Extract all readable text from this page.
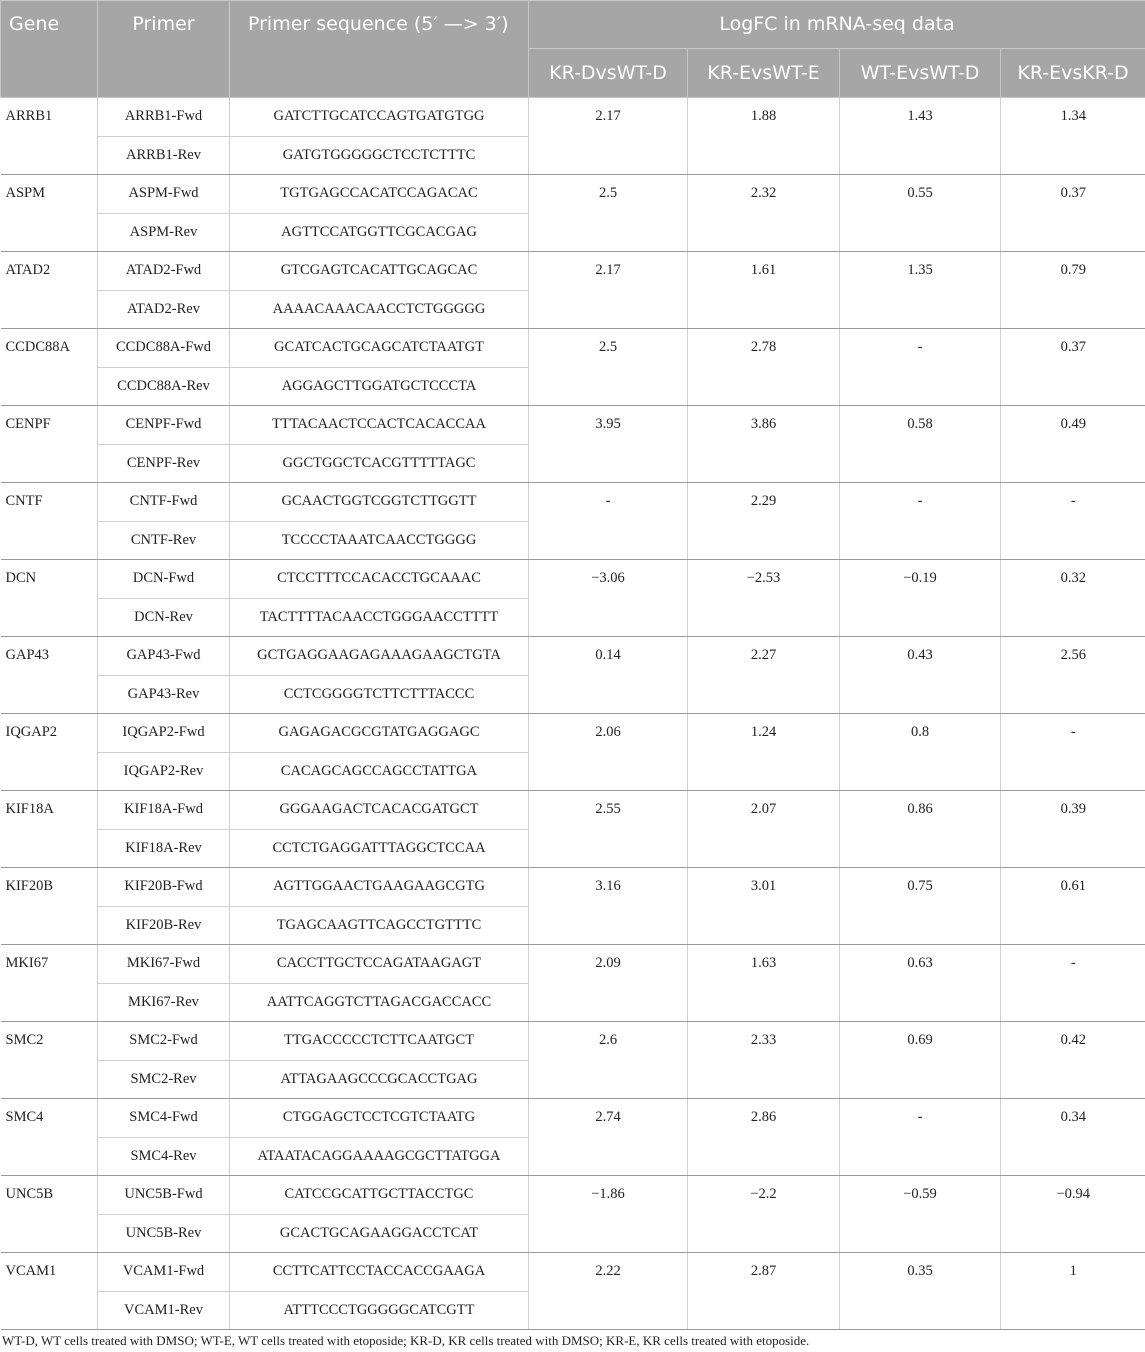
Gene	Primer	Primer sequence (5′ —> 3′)	LogFC in mRNA-seq data			
			KR-DvsWT-D	KR-EvsWT-E	WT-EvsWT-D	KR-EvsKR-D
ARRB1	ARRB1-Fwd	GATCTTGCATCCAGTGATGTGG	2.17	1.88	1.43	1.34
	ARRB1-Rev	GATGTGGGGGCTCCTCTTTC				
ASPM	ASPM-Fwd	TGTGAGCCACATCCAGACAC	2.5	2.32	0.55	0.37
	ASPM-Rev	AGTTCCATGGTTCGCACGAG				
ATAD2	ATAD2-Fwd	GTCGAGTCACATTGCAGCAC	2.17	1.61	1.35	0.79
	ATAD2-Rev	AAAACAAACAACCTCTGGGGG				
CCDC88A	CCDC88A-Fwd	GCATCACTGCAGCATCTAATGT	2.5	2.78	-	0.37
	CCDC88A-Rev	AGGAGCTTGGATGCTCCCTA				
CENPF	CENPF-Fwd	TTTACAACTCCACTCACACCAA	3.95	3.86	0.58	0.49
	CENPF-Rev	GGCTGGCTCACGTTTTTAGC				
CNTF	CNTF-Fwd	GCAACTGGTCGGTCTTGGTT	-	2.29	-	-
	CNTF-Rev	TCCCCTAAATCAACCTGGGG				
DCN	DCN-Fwd	CTCCTTTCCACACCTGCAAAC	−3.06	−2.53	−0.19	0.32
	DCN-Rev	TACTTTTACAACCTGGGAACCTTTT				
GAP43	GAP43-Fwd	GCTGAGGAAGAGAAAGAAGCTGTA	0.14	2.27	0.43	2.56
	GAP43-Rev	CCTCGGGGTCTTCTTTACCC				
IQGAP2	IQGAP2-Fwd	GAGAGACGCGTATGAGGAGC	2.06	1.24	0.8	-
	IQGAP2-Rev	CACAGCAGCCAGCCTATTGA				
KIF18A	KIF18A-Fwd	GGGAAGACTCACACGATGCT	2.55	2.07	0.86	0.39
	KIF18A-Rev	CCTCTGAGGATTTAGGCTCCAA				
KIF20B	KIF20B-Fwd	AGTTGGAACTGAAGAAGCGTG	3.16	3.01	0.75	0.61
	KIF20B-Rev	TGAGCAAGTTCAGCCTGTTTC				
MKI67	MKI67-Fwd	CACCTTGCTCCAGATAAGAGT	2.09	1.63	0.63	-
	MKI67-Rev	AATTCAGGTCTTAGACGACCACC				
SMC2	SMC2-Fwd	TTGACCCCCTCTTCAATGCT	2.6	2.33	0.69	0.42
	SMC2-Rev	ATTAGAAGCCCGCACCTGAG				
SMC4	SMC4-Fwd	CTGGAGCTCCTCGTCTAATG	2.74	2.86	-	0.34
	SMC4-Rev	ATAATACAGGAAAAGCGCTTATGGA				
UNC5B	UNC5B-Fwd	CATCCGCATTGCTTACCTGC	−1.86	−2.2	−0.59	−0.94
	UNC5B-Rev	GCACTGCAGAAGGACCTCAT				
VCAM1	VCAM1-Fwd	CCTTCATTCCTACCACCGAAGA	2.22	2.87	0.35	1
	VCAM1-Rev	ATTTCCCTGGGGGCATCGTT				
WT-D, WT cells treated with DMSO; WT-E, WT cells treated with etoposide; KR-D, KR cells treated with DMSO; KR-E, KR cells treated with etoposide.
